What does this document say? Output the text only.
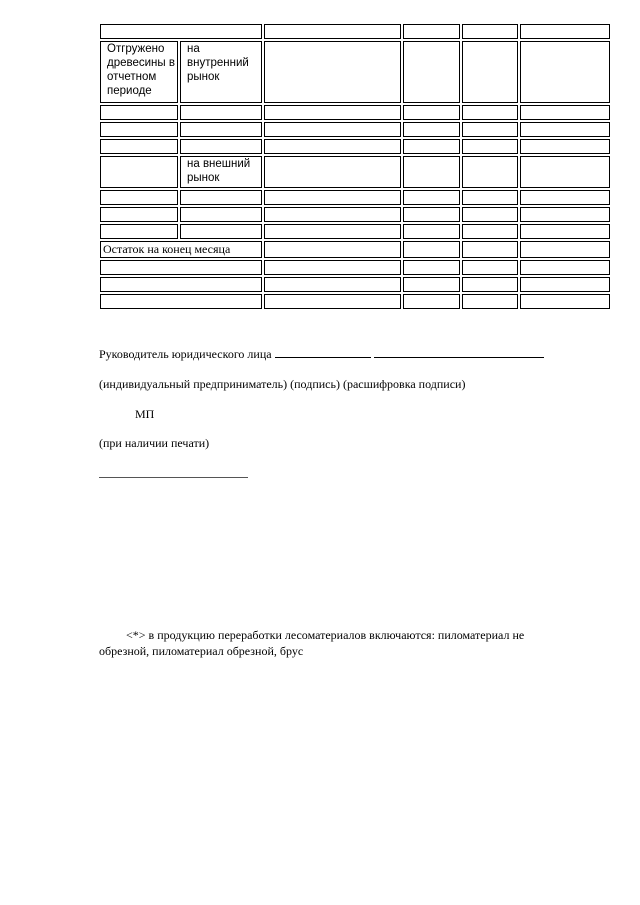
Отгружено древесины в отчетном периоде	на внутренний рынок				

	на внешний рынок				

Остаток на конец месяца					

Руководитель юридического лица

(индивидуальный предприниматель) (подпись) (расшифровка подписи)

МП

(при наличии печати)

<*> в продукцию переработки лесоматериалов включаются: пиломатериал не обрезной, пиломатериал обрезной, брус
